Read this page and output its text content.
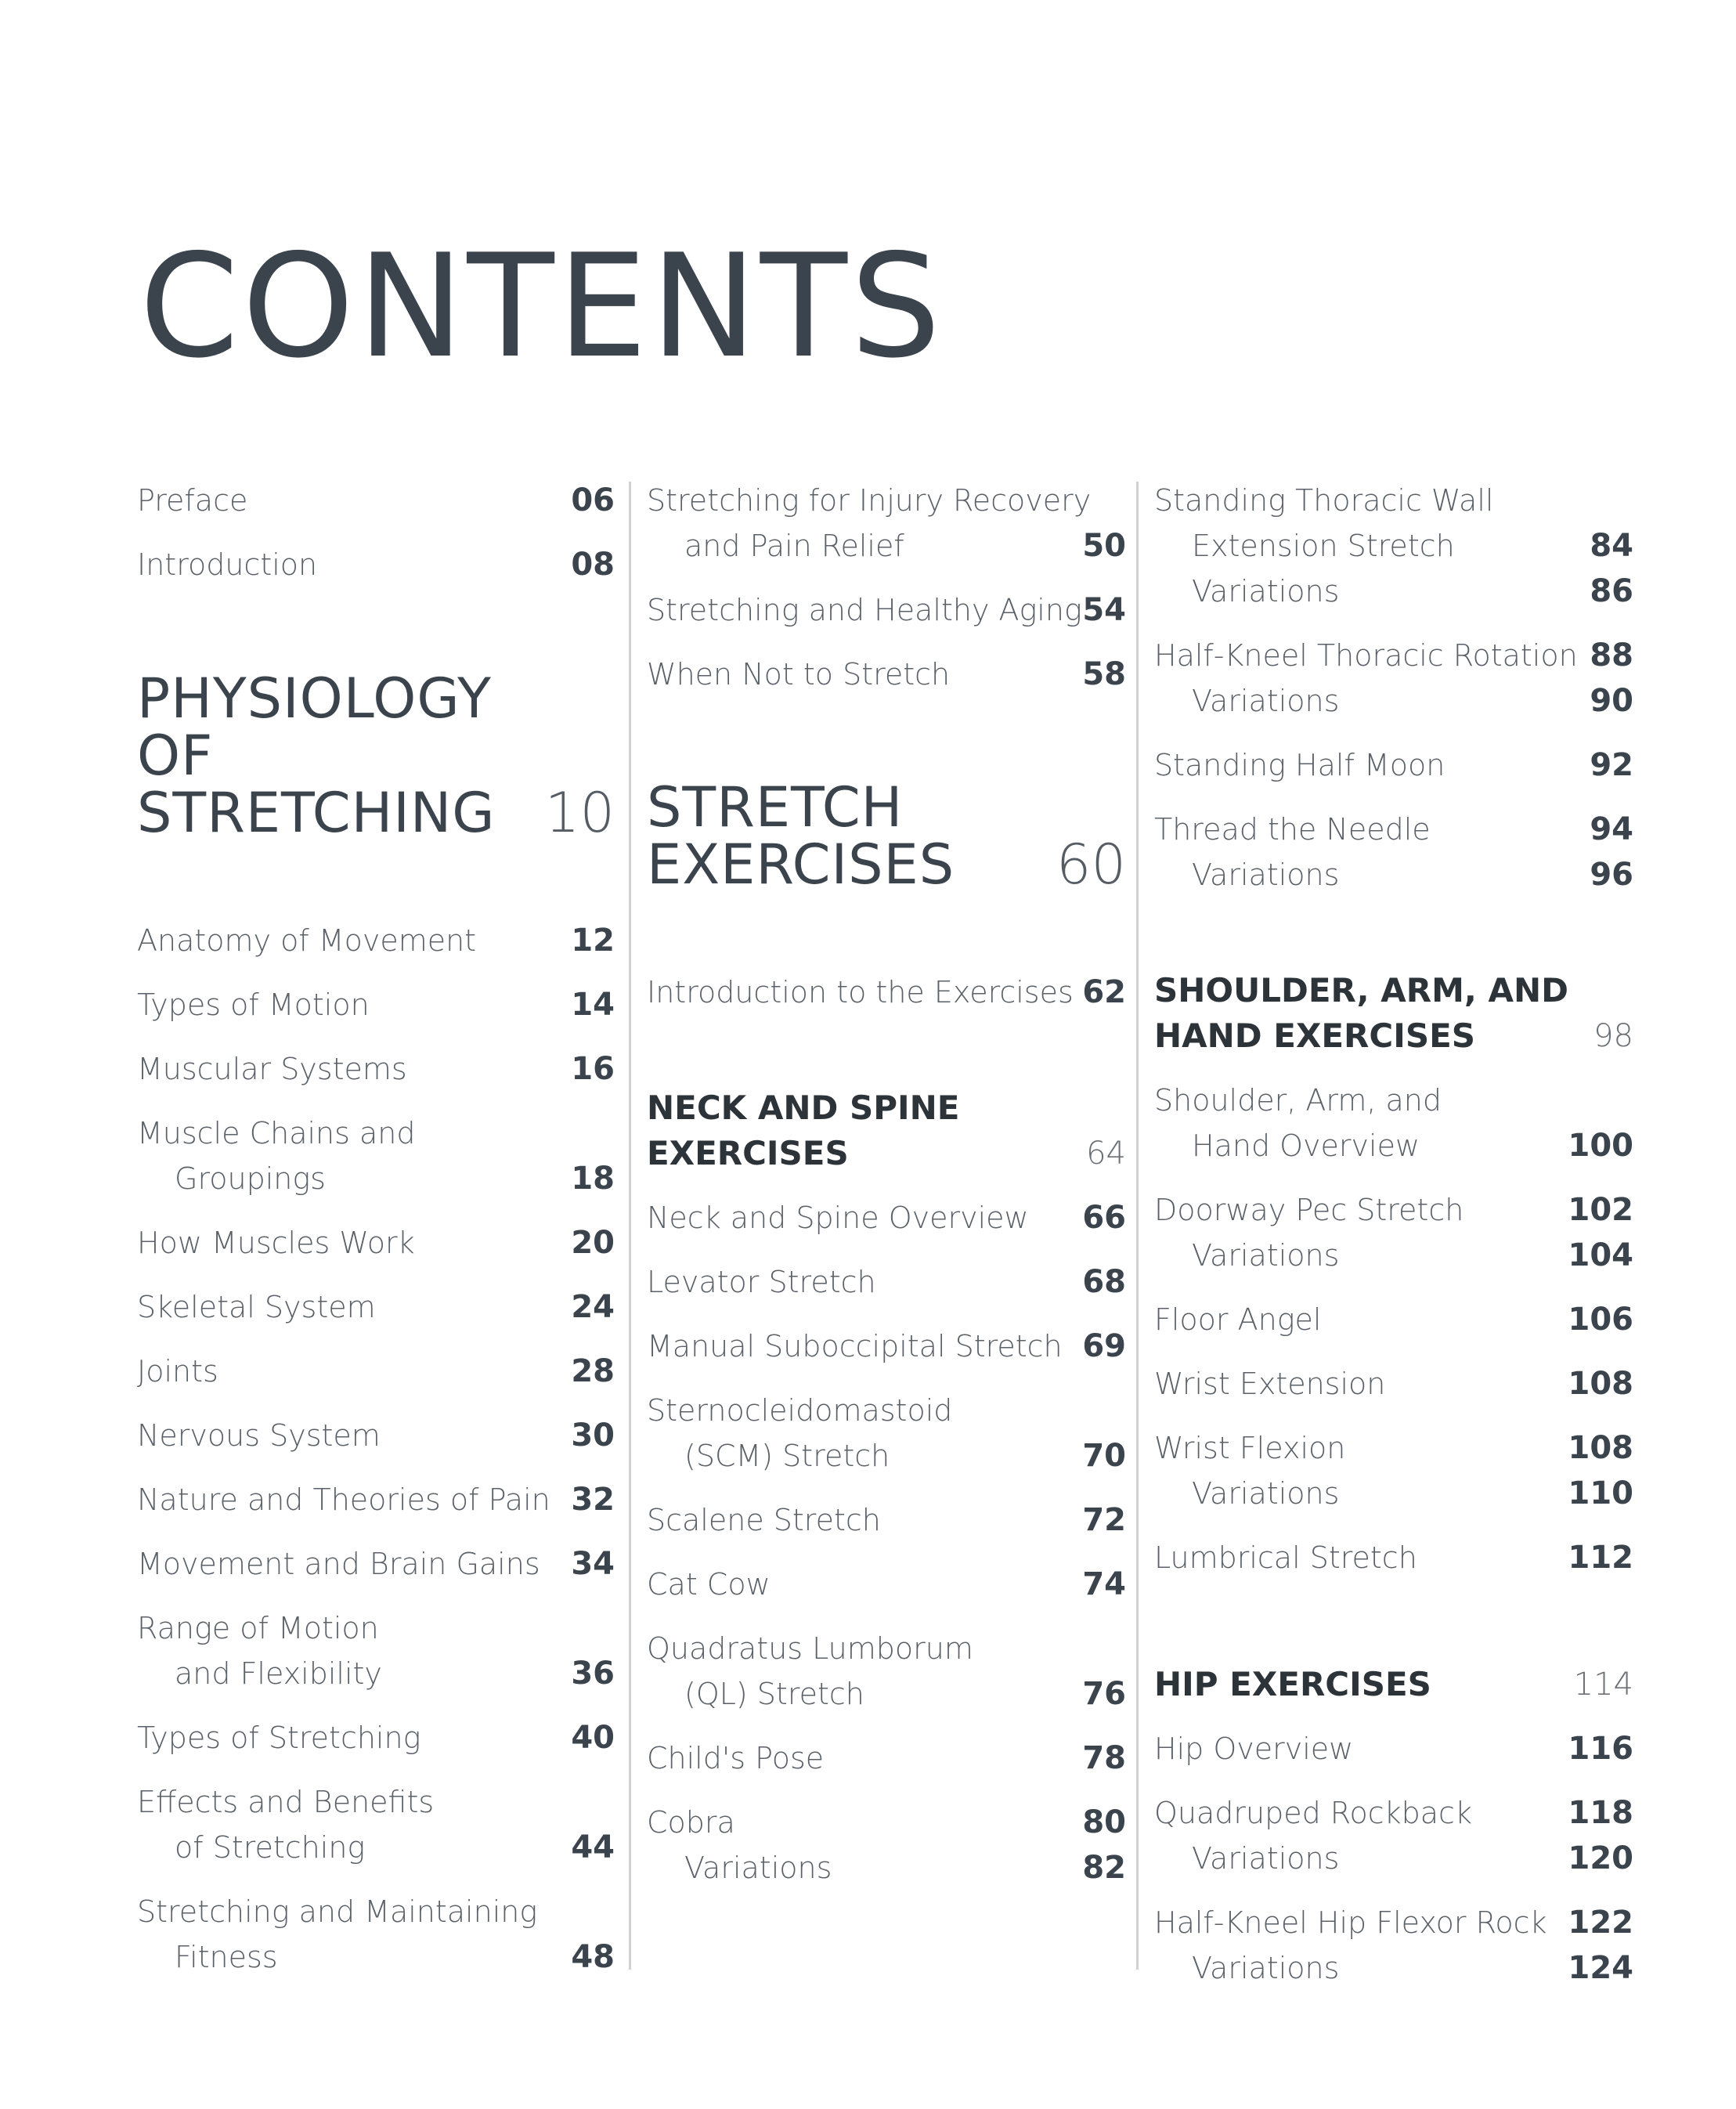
CONTENTS
Preface	06
Introduction	08
PHYSIOLOGY
OF
STRETCHING 10
Anatomy of Movement	12
Types of Motion	14
Muscular Systems	16
Muscle Chains and
Groupings	18
How Muscles Work	20
Skeletal System	24
Joints	28
Nervous System	30
Nature and Theories of Pain 32
Movement and Brain Gains 34
Range of Motion
and Flexibility	36
Types of Stretching	40
Effects and Benefits
of Stretching	44
Stretching and Maintaining
Fitness	48
Stretching for Injury Recovery
and Pain Relief	50
Stretching and Healthy Aging 54
When Not to Stretch	58
STRETCH
EXERCISES 60
Introduction to the Exercises 62
NECK AND SPINE
EXERCISES	64
Neck and Spine Overview 66
Levator Stretch	68
Manual Suboccipital Stretch 69
Sternocleidomastoid
(SCM) Stretch	70
Scalene Stretch	72
Cat Cow	74
Quadratus Lumborum
(QL) Stretch	76
Child's Pose	78
Cobra	80
Variations	82
Standing Thoracic Wall
Extension Stretch	84
Variations	86
Half-Kneel Thoracic Rotation 88
Variations	90
Standing Half Moon	92
Thread the Needle	94
Variations	96
SHOULDER, ARM, AND
HAND EXERCISES	98
Shoulder, Arm, and
Hand Overview	100
Doorway Pec Stretch	102
Variations	104
Floor Angel	106
Wrist Extension	108
Wrist Flexion	108
Variations	110
Lumbrical Stretch	112
HIP EXERCISES	114
Hip Overview	116
Quadruped Rockback	118
Variations	120
Half-Kneel Hip Flexor Rock 122
Variations	124
